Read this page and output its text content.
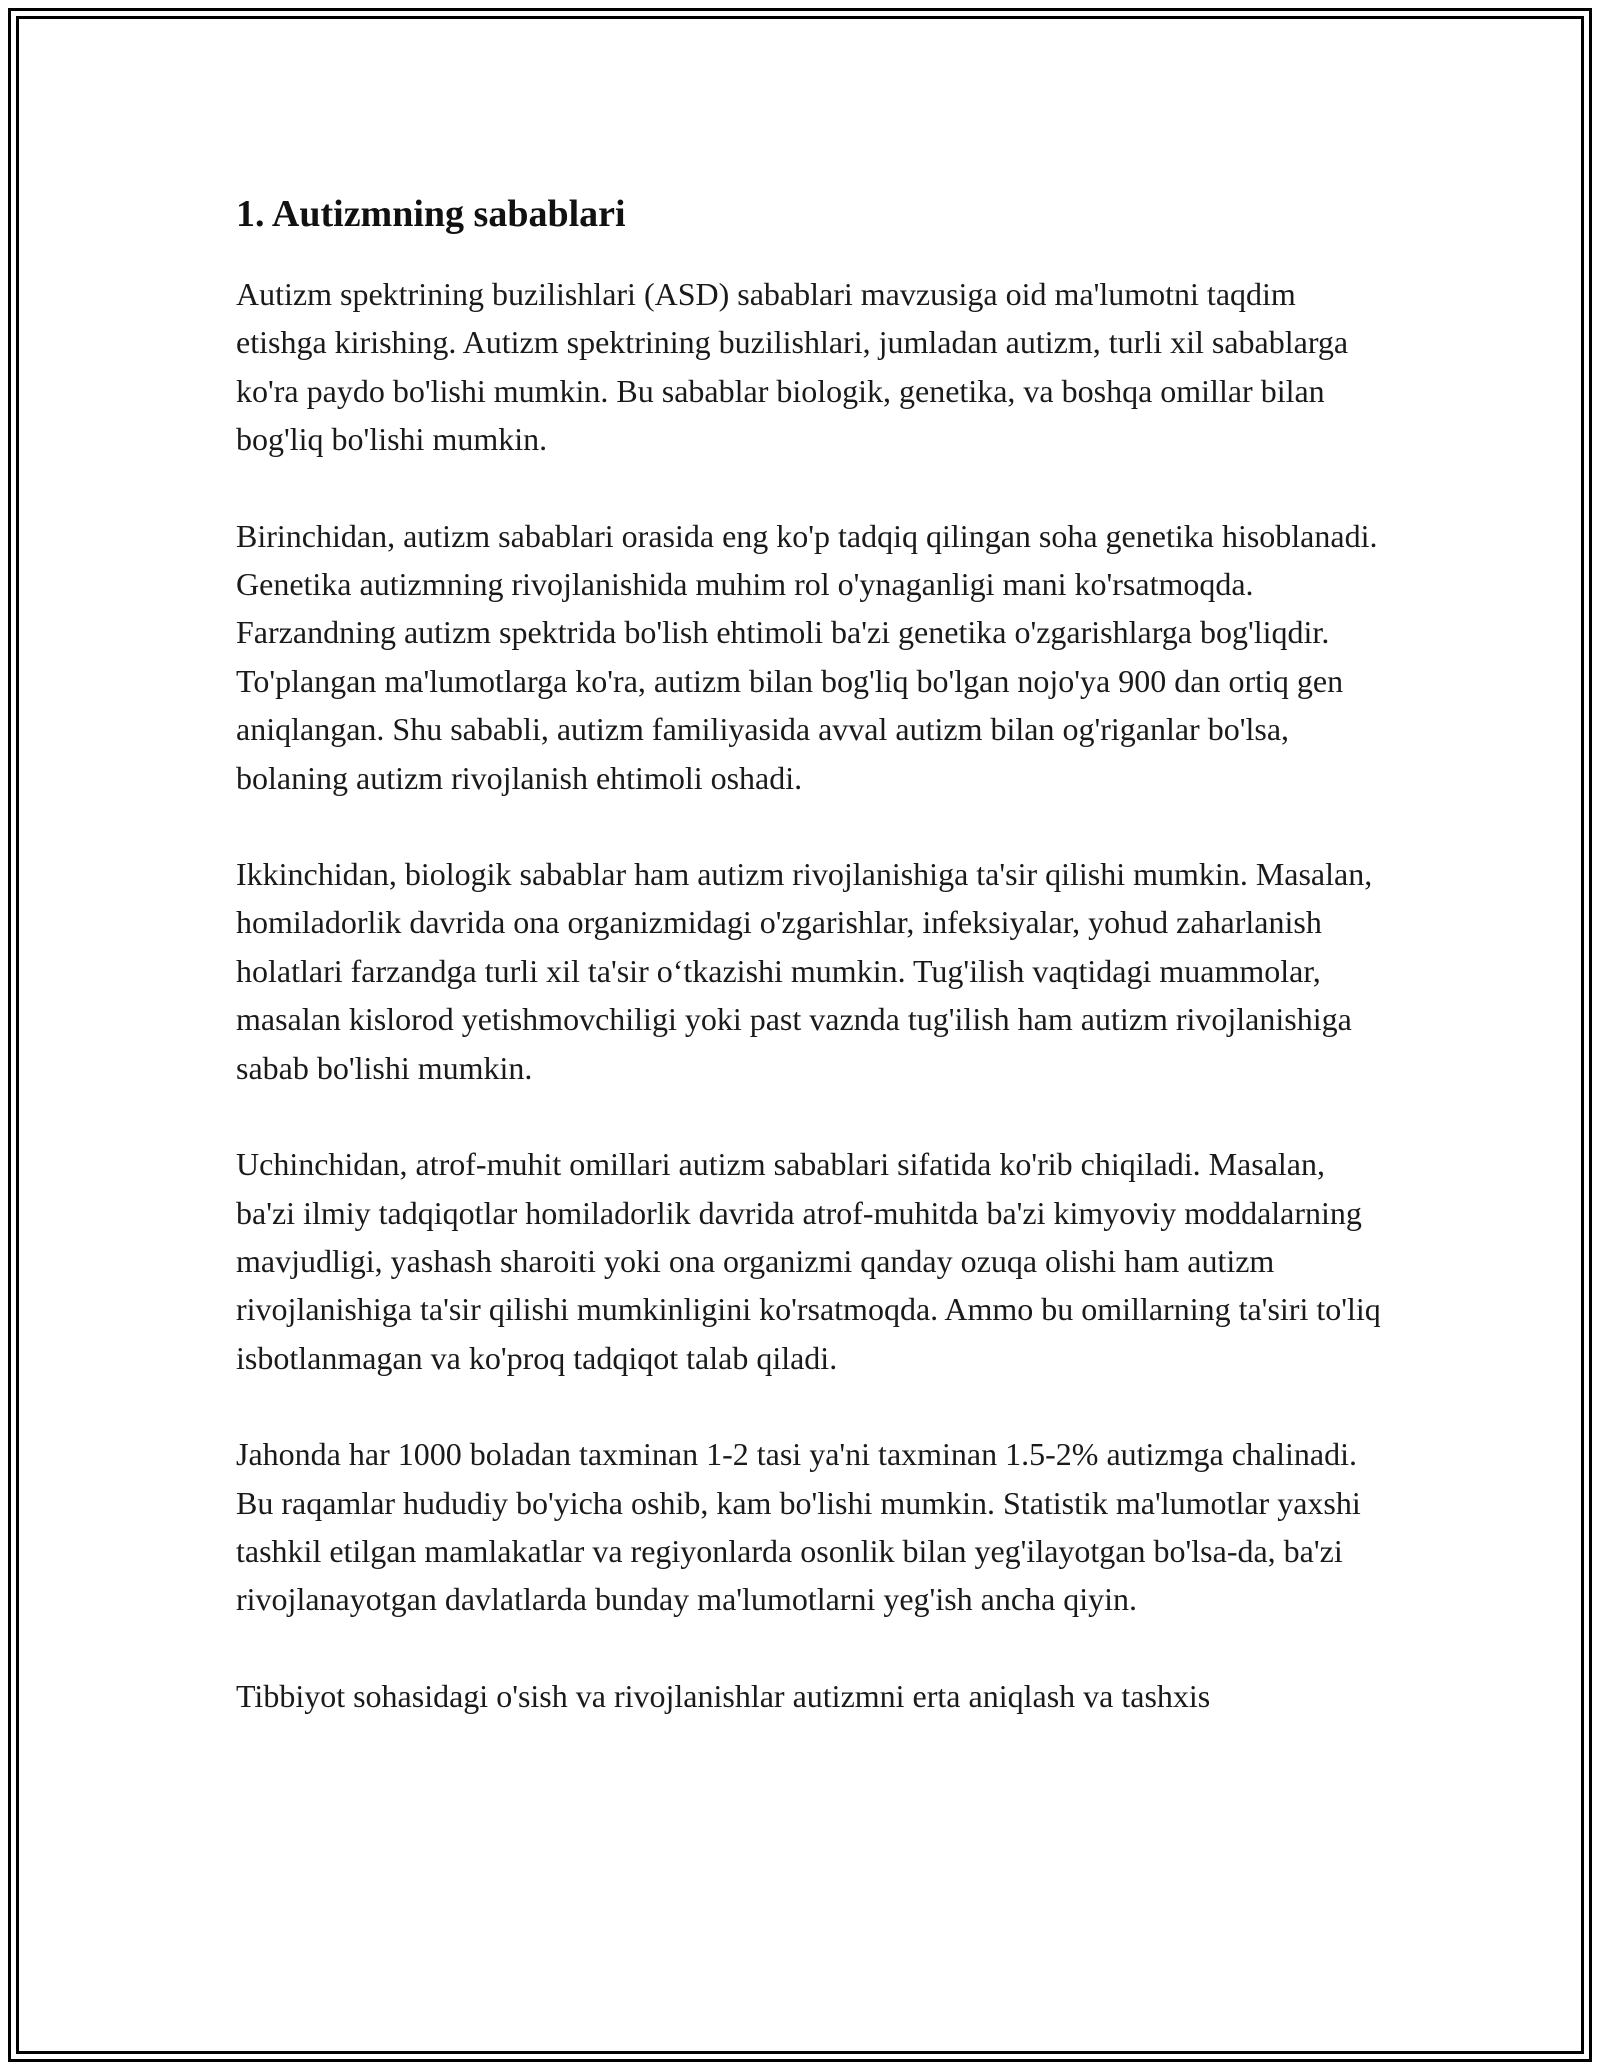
1. Autizmning sabablari

Autizm spektrining buzilishlari (ASD) sabablari mavzusiga oid ma'lumotni taqdim etishga kirishing. Autizm spektrining buzilishlari, jumladan autizm, turli xil sabablarga ko'ra paydo bo'lishi mumkin. Bu sabablar biologik, genetika, va boshqa omillar bilan bog'liq bo'lishi mumkin.

Birinchidan, autizm sabablari orasida eng ko'p tadqiq qilingan soha genetika hisoblanadi. Genetika autizmning rivojlanishida muhim rol o'ynaganligi mani ko'rsatmoqda. Farzandning autizm spektrida bo'lish ehtimoli ba'zi genetika o'zgarishlarga bog'liqdir. To'plangan ma'lumotlarga ko'ra, autizm bilan bog'liq bo'lgan nojo'ya 900 dan ortiq gen aniqlangan. Shu sababli, autizm familiyasida avval autizm bilan og'riganlar bo'lsa, bolaning autizm rivojlanish ehtimoli oshadi.

Ikkinchidan, biologik sabablar ham autizm rivojlanishiga ta'sir qilishi mumkin. Masalan, homiladorlik davrida ona organizmidagi o'zgarishlar, infeksiyalar, yohud zaharlanish holatlari farzandga turli xil ta'sir o‘tkazishi mumkin. Tug'ilish vaqtidagi muammolar, masalan kislorod yetishmovchiligi yoki past vaznda tug'ilish ham autizm rivojlanishiga sabab bo'lishi mumkin.

Uchinchidan, atrof-muhit omillari autizm sabablari sifatida ko'rib chiqiladi. Masalan, ba'zi ilmiy tadqiqotlar homiladorlik davrida atrof-muhitda ba'zi kimyoviy moddalarning mavjudligi, yashash sharoiti yoki ona organizmi qanday ozuqa olishi ham autizm rivojlanishiga ta'sir qilishi mumkinligini ko'rsatmoqda. Ammo bu omillarning ta'siri to'liq isbotlanmagan va ko'proq tadqiqot talab qiladi.

Jahonda har 1000 boladan taxminan 1-2 tasi ya'ni taxminan 1.5-2% autizmga chalinadi. Bu raqamlar hududiy bo'yicha oshib, kam bo'lishi mumkin. Statistik ma'lumotlar yaxshi tashkil etilgan mamlakatlar va regiyonlarda osonlik bilan yeg'ilayotgan bo'lsa-da, ba'zi rivojlanayotgan davlatlarda bunday ma'lumotlarni yeg'ish ancha qiyin.

Tibbiyot sohasidagi o'sish va rivojlanishlar autizmni erta aniqlash va tashxis
